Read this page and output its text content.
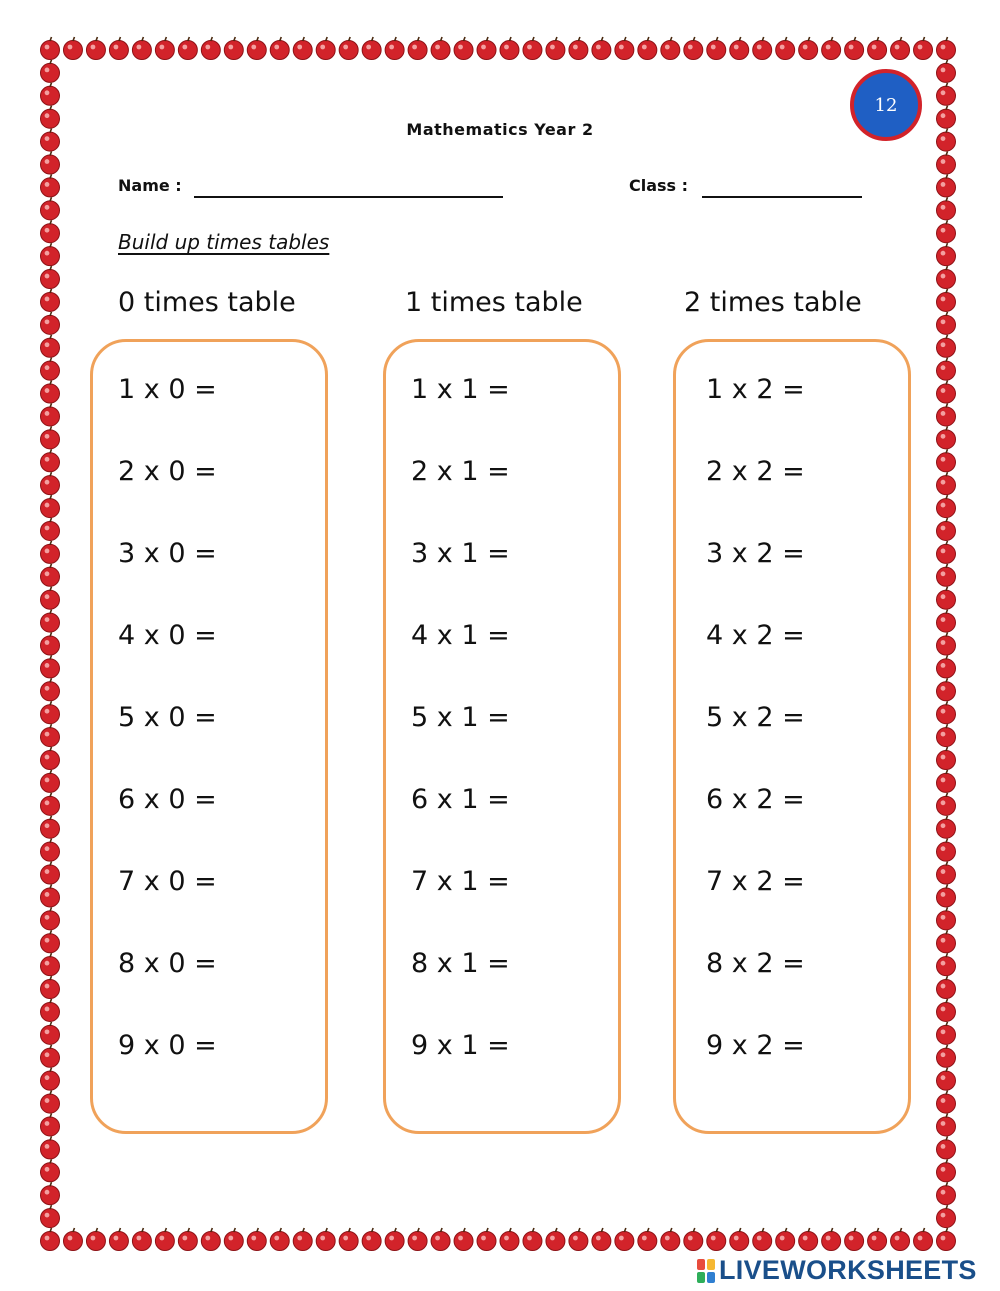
12
Mathematics Year 2
Name :	Class :
Build up times tables
0 times table	1 times table	2 times table
1 x 0 =
2 x 0 =
3 x 0 =
4 x 0 =
5 x 0 =
6 x 0 =
7 x 0 =
8 x 0 =
9 x 0 =
1 x 1 =
2 x 1 =
3 x 1 =
4 x 1 =
5 x 1 =
6 x 1 =
7 x 1 =
8 x 1 =
9 x 1 =
1 x 2 =
2 x 2 =
3 x 2 =
4 x 2 =
5 x 2 =
6 x 2 =
7 x 2 =
8 x 2 =
9 x 2 =
LIVEWORKSHEETS
